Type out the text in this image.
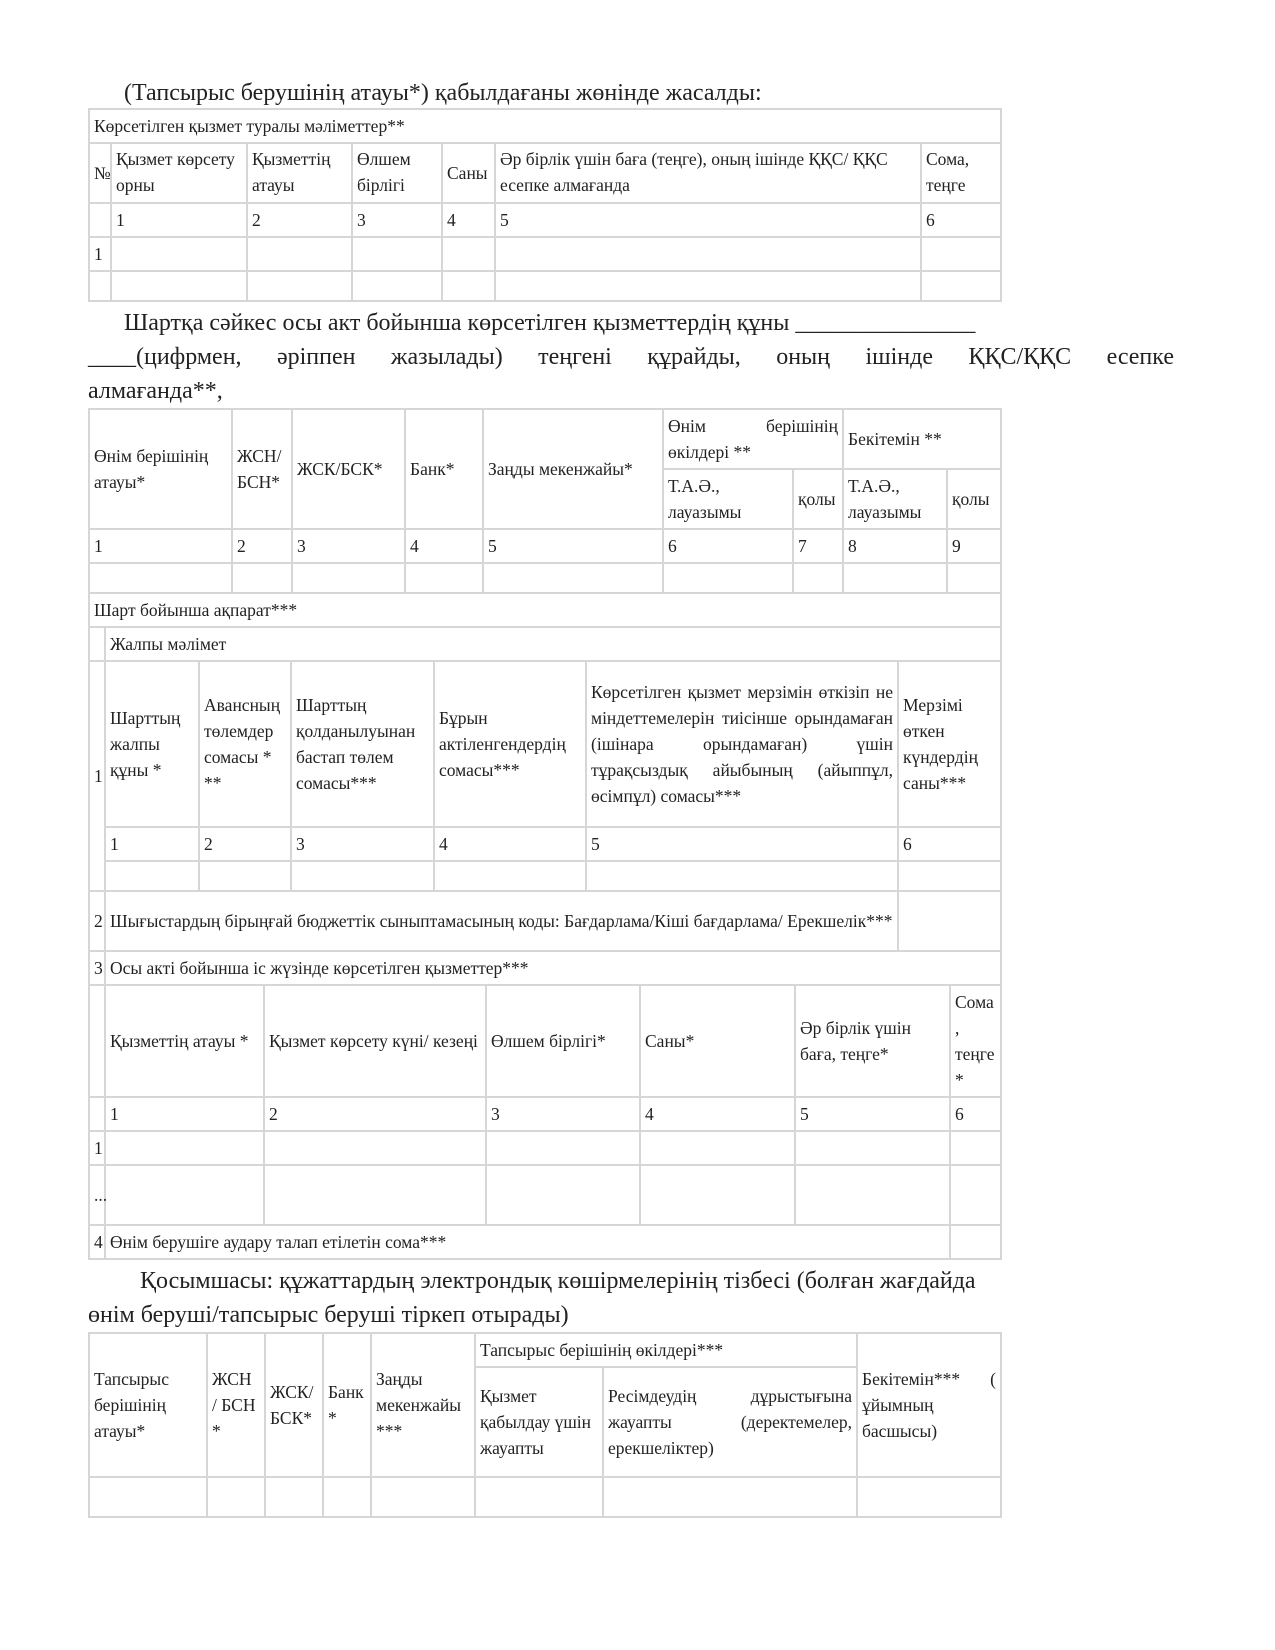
(Тапсырыс берушінің атауы*) қабылдағаны жөнінде жасалды:
Көрсетілген қызмет туралы мәліметтер**						
№	Қызмет көрсету орны	Қызметтің атауы	Өлшем бірлігі	Саны	Әр бірлік үшін баға (теңге), оның ішінде ҚҚС/ ҚҚС есепке алмағанда	Сома, теңге
	1	2	3	4	5	6
1						

Шартқа сәйкес осы акт бойынша көрсетілген қызметтердің құны _______________
____(цифрмен, әріппен жазылады) теңгені құрайды, оның ішінде ҚҚС/ҚҚС есепке
алмағанда**,
Өнім берішінің атауы*		ЖСН/ БСН*	ЖСК/БСК*	Банк*	Заңды мекенжайы*	Өнім берішінің өкілдері **		Бекітемін **	
						Т.А.Ә., лауазымы	қолы	Т.А.Ә., лауазымы	қолы
1		2	3	4	5	6	7	8	9

Шарт бойынша ақпарат***									
	Жалпы мәлімет								
1	Шарттың жалпы құны *	Авансның төлемдер сомасы * **	Шарттың қолданылуынан бастап төлем сомасы***	Бұрын актіленгендердің сомасы***	Көрсетілген қызмет мерзімін өткізіп не міндеттемелерін тиісінше орындамаған (ішінара орындамаған) үшін тұрақсыздық айыбының (айыппұл, өсімпұл) сомасы***	Мерзімі өткен күндердің саны***
	1	2	3	4	5	6

2	Шығыстардың бірыңғай бюджеттік сыныптамасының коды: Бағдарлама/Кіші бағдарлама/ Ерекшелік***					
3	Осы акті бойынша іс жүзінде көрсетілген қызметтер***					
	Қызметтің атауы *	Қызмет көрсету күні/ кезеңі	Өлшем бірлігі*	Саны*	Әр бірлік үшін баға, теңге*	Сома , теңге *
	1	2	3	4	5	6
1						
...						
4	Өнім берушіге аудару талап етілетін сома***					
Қосымшасы: құжаттардың электрондық көшірмелерінің тізбесі (болған жағдайда
өнім беруші/тапсырыс беруші тіркеп отырады)
Тапсырыс берішінің атауы*	ЖСН / БСН *	ЖСК/ БСК*	Банк *	Заңды мекенжайы ***	Тапсырыс берішінің өкілдері***		Бекітемін*** ( ұйымның басшысы)
					Қызмет қабылдау үшін жауапты	Ресімдеудің дұрыстығына жауапты (деректемелер, ерекшеліктер)	
